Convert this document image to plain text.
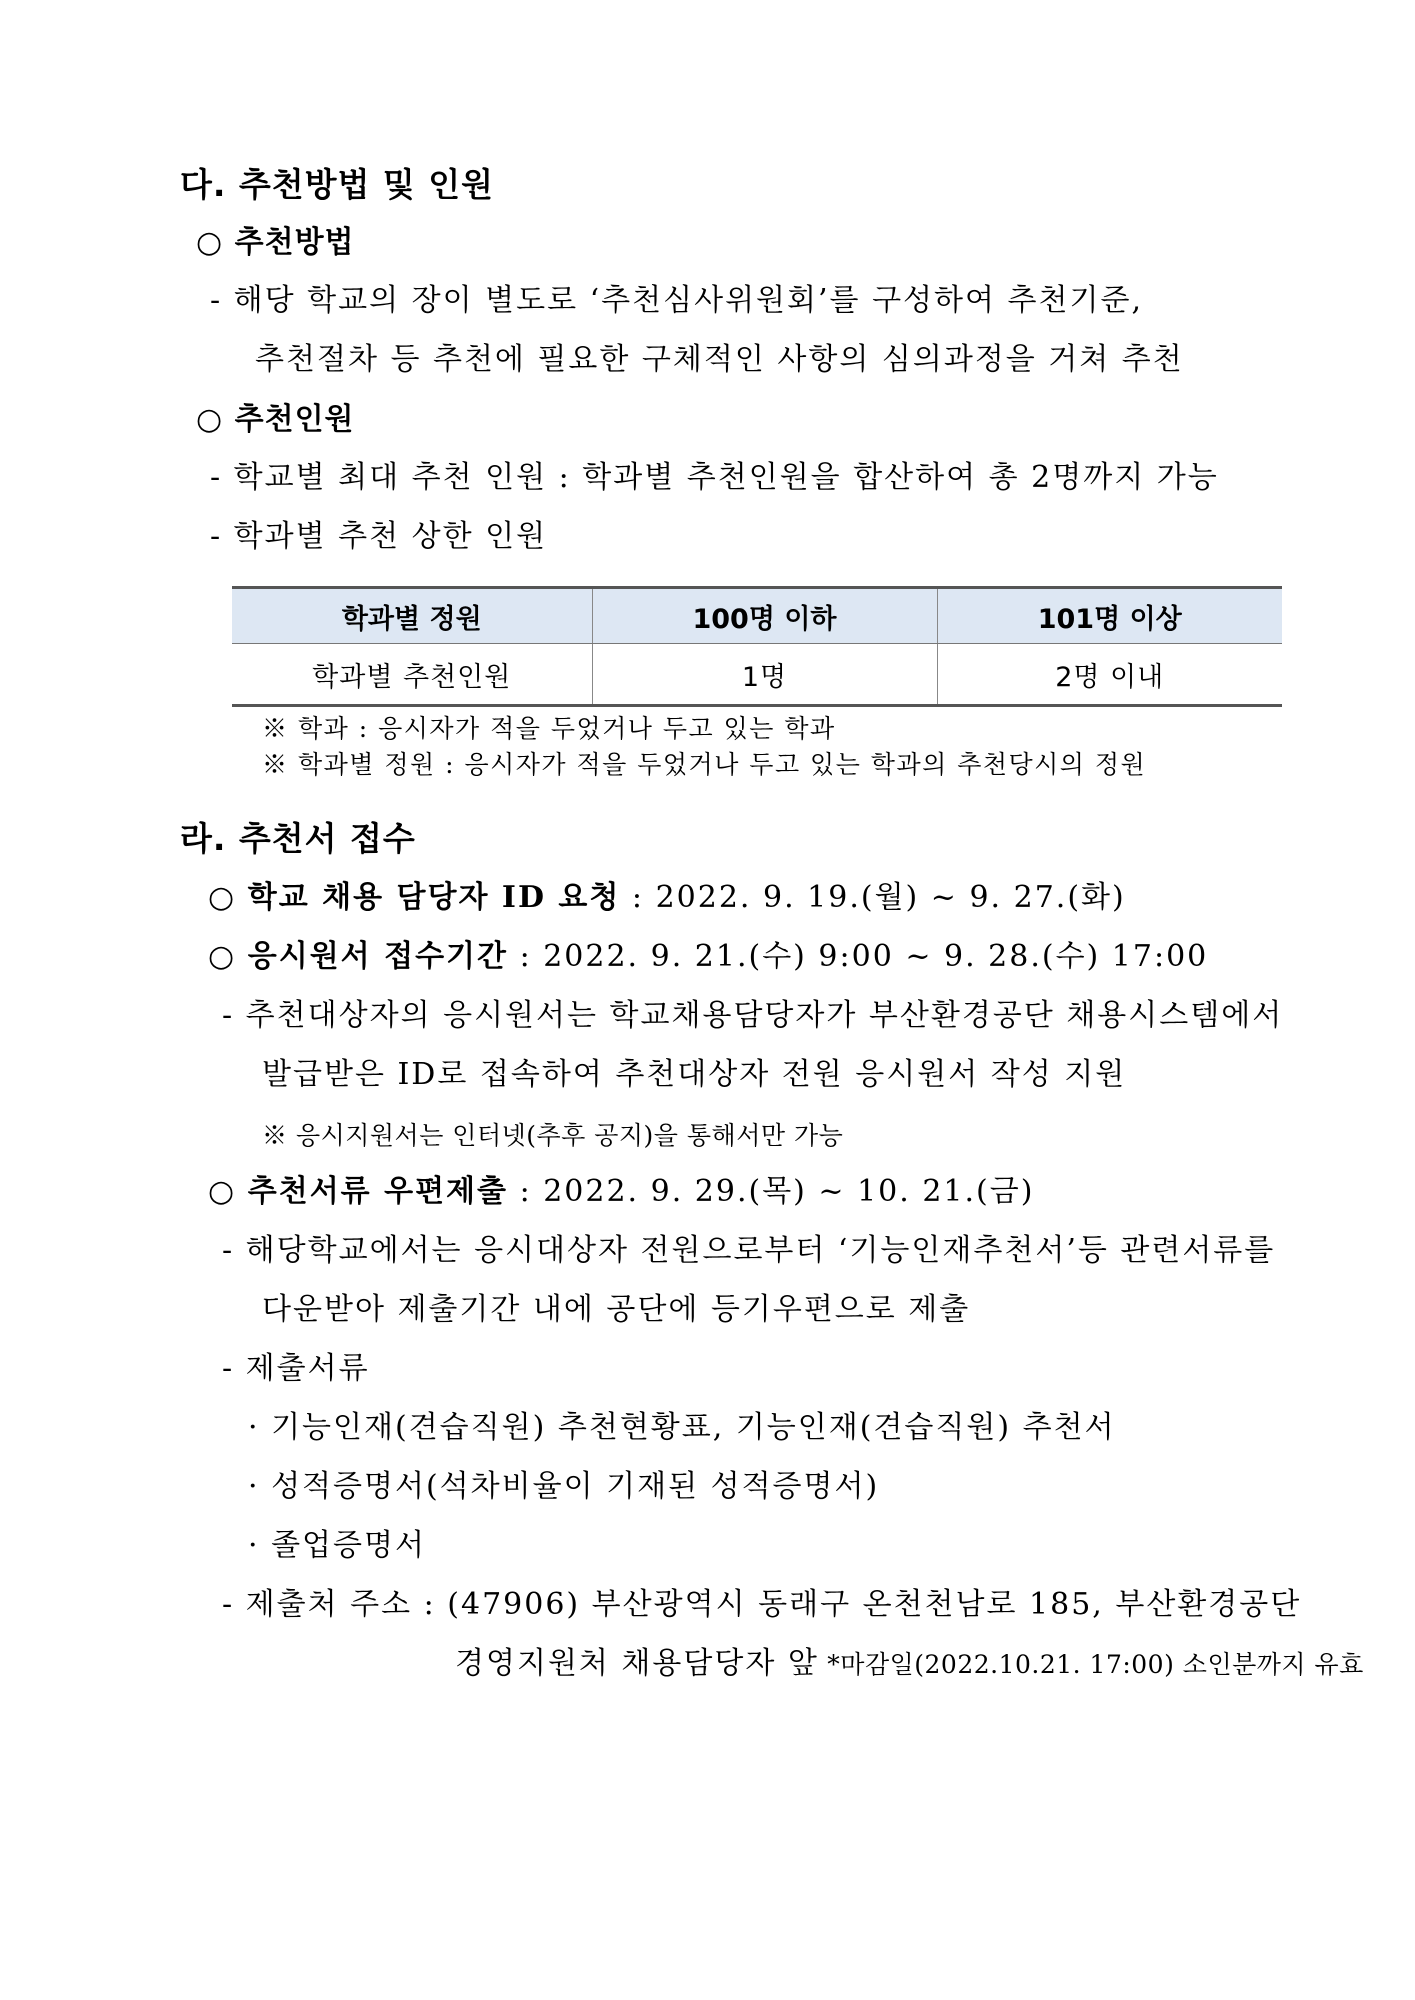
다. 추천방법 및 인원
○ 추천방법
- 해당 학교의 장이 별도로 ‘추천심사위원회’를 구성하여 추천기준,
추천절차 등 추천에 필요한 구체적인 사항의 심의과정을 거쳐 추천
○ 추천인원
- 학교별 최대 추천 인원 : 학과별 추천인원을 합산하여 총 2명까지 가능
- 학과별 추천 상한 인원
학과별 정원	100명 이하	101명 이상
학과별 추천인원	1명	2명 이내
※ 학과 : 응시자가 적을 두었거나 두고 있는 학과
※ 학과별 정원 : 응시자가 적을 두었거나 두고 있는 학과의 추천당시의 정원
라. 추천서 접수
○ 학교 채용 담당자 ID 요청 : 2022. 9. 19.(월) ~ 9. 27.(화)
○ 응시원서 접수기간 : 2022. 9. 21.(수) 9:00 ~ 9. 28.(수) 17:00
- 추천대상자의 응시원서는 학교채용담당자가 부산환경공단 채용시스템에서
발급받은 ID로 접속하여 추천대상자 전원 응시원서 작성 지원
※ 응시지원서는 인터넷(추후 공지)을 통해서만 가능
○ 추천서류 우편제출 : 2022. 9. 29.(목) ~ 10. 21.(금)
- 해당학교에서는 응시대상자 전원으로부터 ‘기능인재추천서’등 관련서류를
다운받아 제출기간 내에 공단에 등기우편으로 제출
- 제출서류
· 기능인재(견습직원) 추천현황표, 기능인재(견습직원) 추천서
· 성적증명서(석차비율이 기재된 성적증명서)
· 졸업증명서
- 제출처 주소 : (47906) 부산광역시 동래구 온천천남로 185, 부산환경공단
경영지원처 채용담당자 앞 *마감일(2022.10.21. 17:00) 소인분까지 유효
